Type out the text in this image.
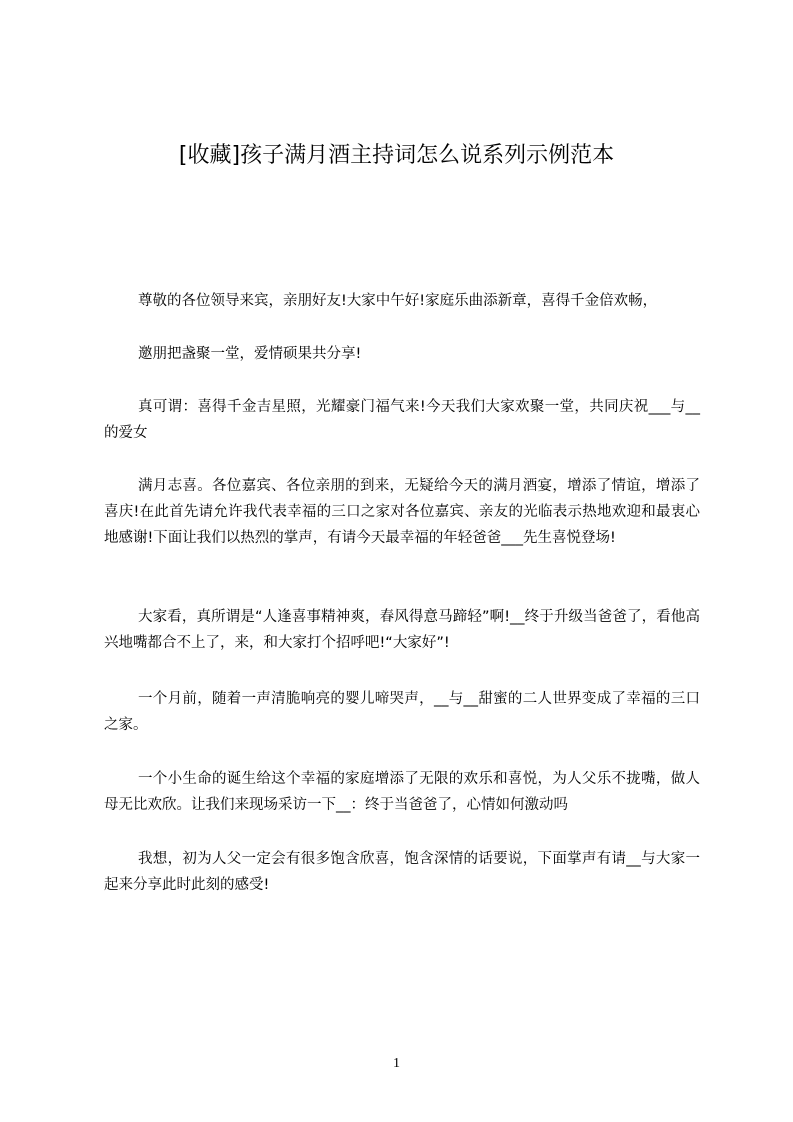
[收藏]孩子满月酒主持词怎么说系列示例范本

尊敬的各位领导来宾，亲朋好友!大家中午好!家庭乐曲添新章，喜得千金倍欢畅，

邀朋把盏聚一堂，爱情硕果共分享!

真可谓：喜得千金吉星照，光耀豪门福气来!今天我们大家欢聚一堂，共同庆祝___与__的爱女

满月志喜。各位嘉宾、各位亲朋的到来，无疑给今天的满月酒宴，增添了情谊，增添了喜庆!在此首先请允许我代表幸福的三口之家对各位嘉宾、亲友的光临表示热地欢迎和最衷心地感谢!下面让我们以热烈的掌声，有请今天最幸福的年轻爸爸___先生喜悦登场!

大家看，真所谓是“人逢喜事精神爽，春风得意马蹄轻”啊!__终于升级当爸爸了，看他高兴地嘴都合不上了，来，和大家打个招呼吧!“大家好”!

一个月前，随着一声清脆响亮的婴儿啼哭声，__与__甜蜜的二人世界变成了幸福的三口之家。

一个小生命的诞生给这个幸福的家庭增添了无限的欢乐和喜悦，为人父乐不拢嘴，做人母无比欢欣。让我们来现场采访一下__：终于当爸爸了，心情如何激动吗

我想，初为人父一定会有很多饱含欣喜，饱含深情的话要说，下面掌声有请__与大家一起来分享此时此刻的感受!

1
